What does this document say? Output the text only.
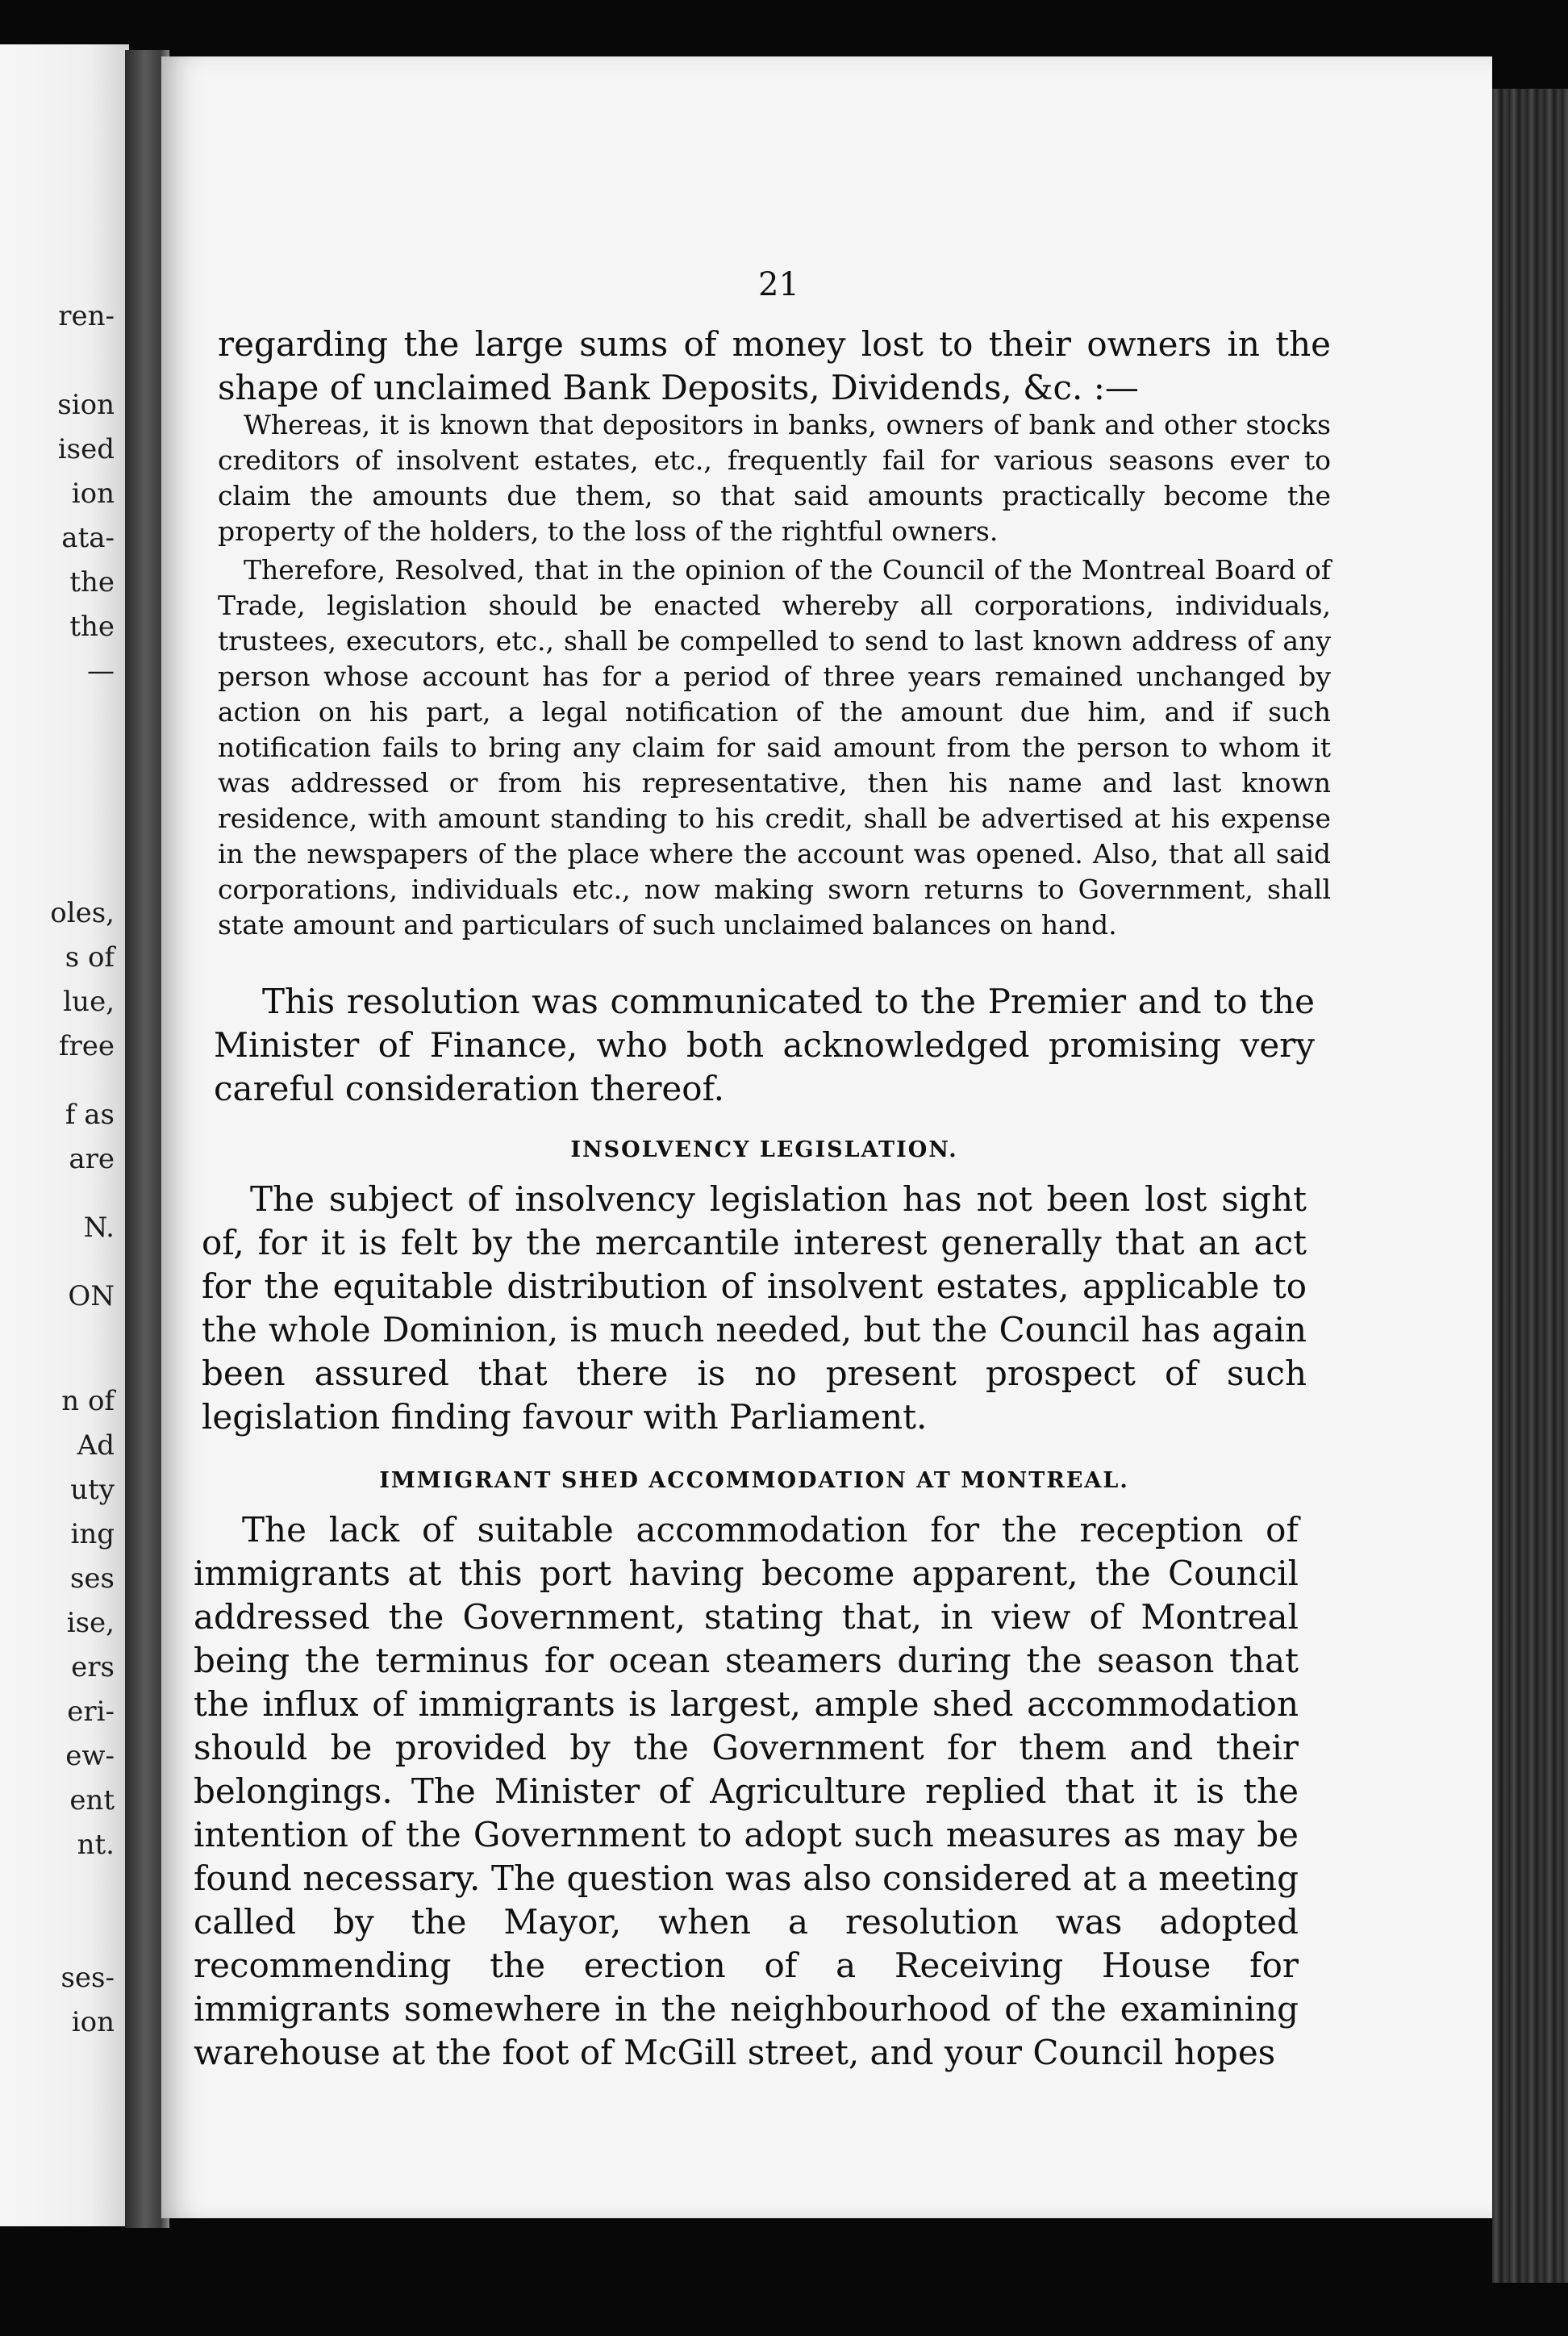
ren-
sion
ised
ion
ata-
the
the
—
oles,
s of
lue,
free
f as
are
N.
ON
n of
Ad
uty
ing
ses
ise,
ers
eri-
ew-
ent
nt.
ses-
ion
21

regarding the large sums of money lost to their owners in the shape of unclaimed Bank Deposits, Dividends, &c. :—

Whereas, it is known that depositors in banks, owners of bank and other stocks creditors of insolvent estates, etc., frequently fail for various seasons ever to claim the amounts due them, so that said amounts practically become the property of the holders, to the loss of the rightful owners.

Therefore, Resolved, that in the opinion of the Council of the Montreal Board of Trade, legislation should be enacted whereby all corporations, individuals, trustees, executors, etc., shall be compelled to send to last known address of any person whose account has for a period of three years remained unchanged by action on his part, a legal notification of the amount due him, and if such notification fails to bring any claim for said amount from the person to whom it was addressed or from his representative, then his name and last known residence, with amount standing to his credit, shall be advertised at his expense in the newspapers of the place where the account was opened. Also, that all said corporations, individuals etc., now making sworn returns to Government, shall state amount and particulars of such unclaimed balances on hand.

This resolution was communicated to the Premier and to the Minister of Finance, who both acknowledged promising very careful consideration thereof.

INSOLVENCY LEGISLATION.

The subject of insolvency legislation has not been lost sight of, for it is felt by the mercantile interest generally that an act for the equitable distribution of insolvent estates, applicable to the whole Dominion, is much needed, but the Council has again been assured that there is no present prospect of such legislation finding favour with Parliament.

IMMIGRANT SHED ACCOMMODATION AT MONTREAL.

The lack of suitable accommodation for the reception of immigrants at this port having become apparent, the Council addressed the Government, stating that, in view of Montreal being the terminus for ocean steamers during the season that the influx of immigrants is largest, ample shed accommodation should be provided by the Government for them and their belongings. The Minister of Agriculture replied that it is the intention of the Government to adopt such measures as may be found necessary. The question was also considered at a meeting called by the Mayor, when a resolution was adopted recommending the erection of a Receiving House for immigrants somewhere in the neighbourhood of the examining warehouse at the foot of McGill street, and your Council hopes
